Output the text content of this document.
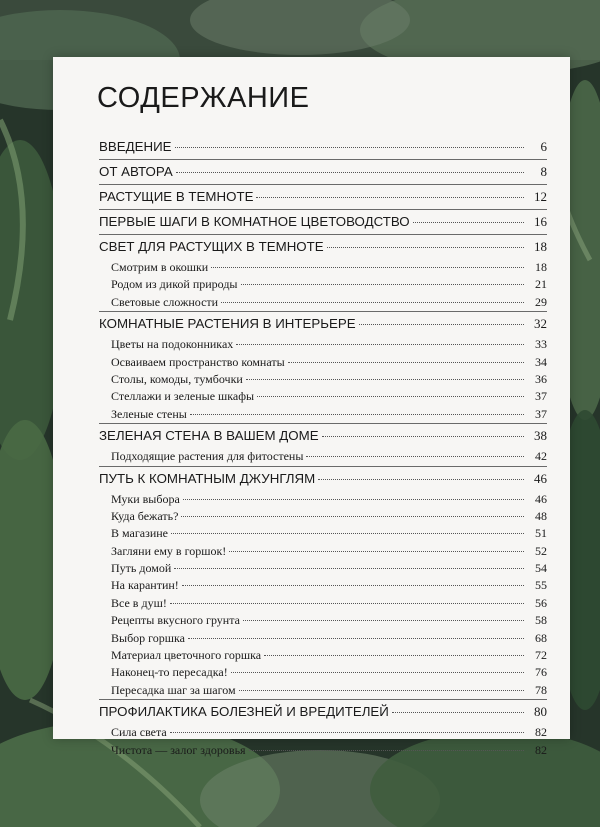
СОДЕРЖАНИЕ
ВВЕДЕНИЕ	6
ОТ АВТОРА	8
РАСТУЩИЕ В ТЕМНОТЕ	12
ПЕРВЫЕ ШАГИ В КОМНАТНОЕ ЦВЕТОВОДСТВО	16
СВЕТ ДЛЯ РАСТУЩИХ В ТЕМНОТЕ	18
Смотрим в окошки	18
Родом из дикой природы	21
Световые сложности	29
КОМНАТНЫЕ РАСТЕНИЯ В ИНТЕРЬЕРЕ	32
Цветы на подоконниках	33
Осваиваем пространство комнаты	34
Столы, комоды, тумбочки	36
Стеллажи и зеленые шкафы	37
Зеленые стены	37
ЗЕЛЕНАЯ СТЕНА В ВАШЕМ ДОМЕ	38
Подходящие растения для фитостены	42
ПУТЬ К КОМНАТНЫМ ДЖУНГЛЯМ	46
Муки выбора	46
Куда бежать?	48
В магазине	51
Загляни ему в горшок!	52
Путь домой	54
На карантин!	55
Все в душ!	56
Рецепты вкусного грунта	58
Выбор горшка	68
Материал цветочного горшка	72
Наконец-то пересадка!	76
Пересадка шаг за шагом	78
ПРОФИЛАКТИКА БОЛЕЗНЕЙ И ВРЕДИТЕЛЕЙ	80
Сила света	82
Чистота — залог здоровья	82
